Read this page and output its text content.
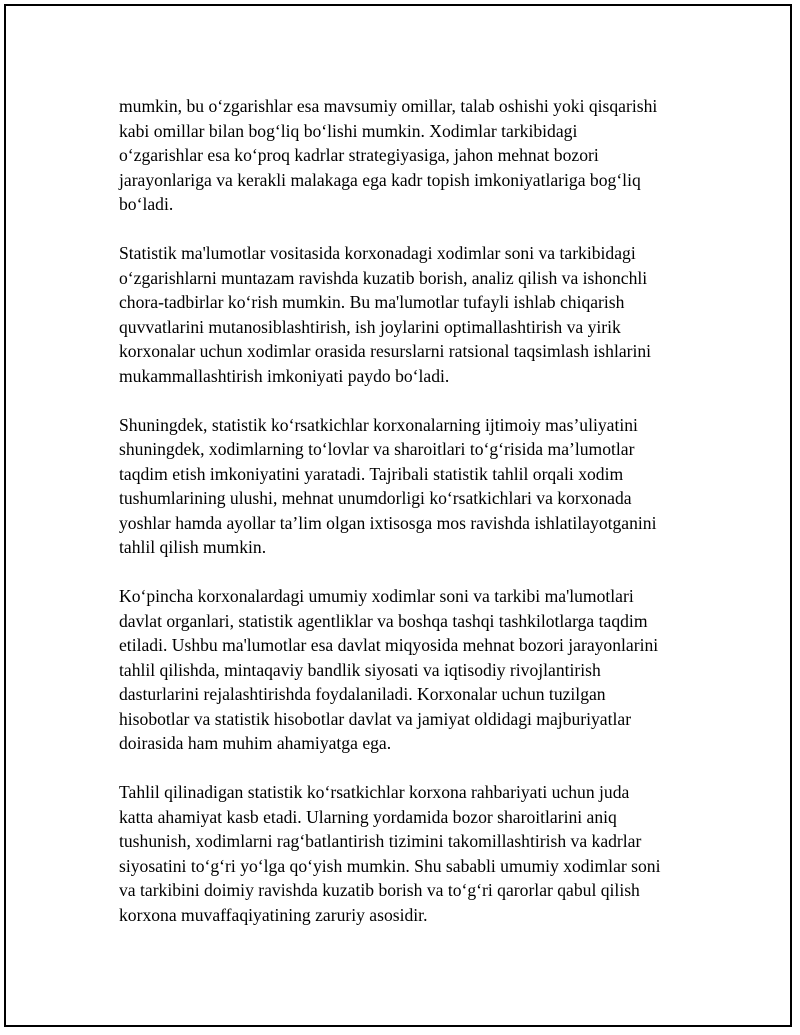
mumkin, bu o‘zgarishlar esa mavsumiy omillar, talab oshishi yoki qisqarishi
kabi omillar bilan bog‘liq bo‘lishi mumkin. Xodimlar tarkibidagi
o‘zgarishlar esa ko‘proq kadrlar strategiyasiga, jahon mehnat bozori
jarayonlariga va kerakli malakaga ega kadr topish imkoniyatlariga bog‘liq
bo‘ladi.

Statistik ma'lumotlar vositasida korxonadagi xodimlar soni va tarkibidagi
o‘zgarishlarni muntazam ravishda kuzatib borish, analiz qilish va ishonchli
chora-tadbirlar ko‘rish mumkin. Bu ma'lumotlar tufayli ishlab chiqarish
quvvatlarini mutanosiblashtirish, ish joylarini optimallashtirish va yirik
korxonalar uchun xodimlar orasida resurslarni ratsional taqsimlash ishlarini
mukammallashtirish imkoniyati paydo bo‘ladi.

Shuningdek, statistik ko‘rsatkichlar korxonalarning ijtimoiy mas’uliyatini
shuningdek, xodimlarning to‘lovlar va sharoitlari to‘g‘risida ma’lumotlar
taqdim etish imkoniyatini yaratadi. Tajribali statistik tahlil orqali xodim
tushumlarining ulushi, mehnat unumdorligi ko‘rsatkichlari va korxonada
yoshlar hamda ayollar ta’lim olgan ixtisosga mos ravishda ishlatilayotganini
tahlil qilish mumkin.

Ko‘pincha korxonalardagi umumiy xodimlar soni va tarkibi ma'lumotlari
davlat organlari, statistik agentliklar va boshqa tashqi tashkilotlarga taqdim
etiladi. Ushbu ma'lumotlar esa davlat miqyosida mehnat bozori jarayonlarini
tahlil qilishda, mintaqaviy bandlik siyosati va iqtisodiy rivojlantirish
dasturlarini rejalashtirishda foydalaniladi. Korxonalar uchun tuzilgan
hisobotlar va statistik hisobotlar davlat va jamiyat oldidagi majburiyatlar
doirasida ham muhim ahamiyatga ega.

Tahlil qilinadigan statistik ko‘rsatkichlar korxona rahbariyati uchun juda
katta ahamiyat kasb etadi. Ularning yordamida bozor sharoitlarini aniq
tushunish, xodimlarni rag‘batlantirish tizimini takomillashtirish va kadrlar
siyosatini to‘g‘ri yo‘lga qo‘yish mumkin. Shu sababli umumiy xodimlar soni
va tarkibini doimiy ravishda kuzatib borish va to‘g‘ri qarorlar qabul qilish
korxona muvaffaqiyatining zaruriy asosidir.
